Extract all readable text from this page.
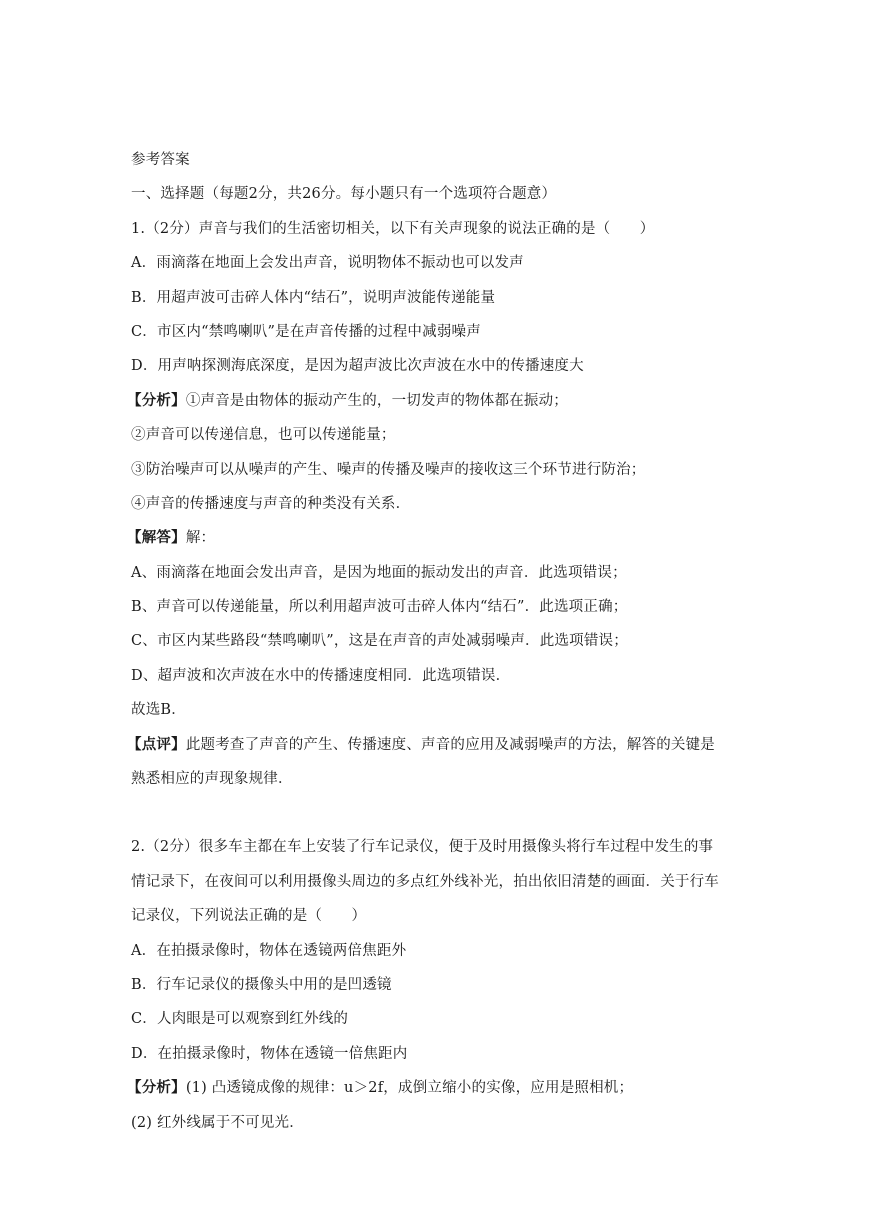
参考答案
一、选择题（每题2分，共26分。每小题只有一个选项符合题意）
1.（2分）声音与我们的生活密切相关，以下有关声现象的说法正确的是（　　）
A．雨滴落在地面上会发出声音，说明物体不振动也可以发声
B．用超声波可击碎人体内“结石”，说明声波能传递能量
C．市区内“禁鸣喇叭”是在声音传播的过程中减弱噪声
D．用声呐探测海底深度，是因为超声波比次声波在水中的传播速度大
【分析】①声音是由物体的振动产生的，一切发声的物体都在振动；
②声音可以传递信息，也可以传递能量；
③防治噪声可以从噪声的产生、噪声的传播及噪声的接收这三个环节进行防治；
④声音的传播速度与声音的种类没有关系．
【解答】解：
A、雨滴落在地面会发出声音，是因为地面的振动发出的声音．此选项错误；
B、声音可以传递能量，所以利用超声波可击碎人体内“结石”．此选项正确；
C、市区内某些路段“禁鸣喇叭”，这是在声音的声处减弱噪声．此选项错误；
D、超声波和次声波在水中的传播速度相同．此选项错误．
故选B．
【点评】此题考查了声音的产生、传播速度、声音的应用及减弱噪声的方法，解答的关键是
熟悉相应的声现象规律．
2.（2分）很多车主都在车上安装了行车记录仪，便于及时用摄像头将行车过程中发生的事
情记录下，在夜间可以利用摄像头周边的多点红外线补光，拍出依旧清楚的画面．关于行车
记录仪，下列说法正确的是（　　）
A．在拍摄录像时，物体在透镜两倍焦距外
B．行车记录仪的摄像头中用的是凹透镜
C．人肉眼是可以观察到红外线的
D．在拍摄录像时，物体在透镜一倍焦距内
【分析】(1) 凸透镜成像的规律：u＞2f，成倒立缩小的实像，应用是照相机；
(2) 红外线属于不可见光．
